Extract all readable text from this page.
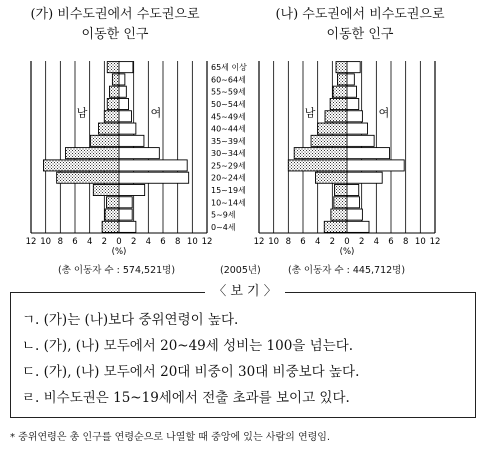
(가) 비수도권에서 수도권으로
이동한 인구
(나) 수도권에서 비수도권으로
이동한 인구
12 10 8 6 4 2 0 2 4 6 8 10 12
(%)
남	여
0~4세
5~9세
10~14세
15~19세
20~24세
25~29세
30~34세
35~39세
40~44세
45~49세
50~54세
55~59세
60~64세
65세 이상
12 10 8 6 4 2 0 2 4 6 8 10 12
(%)
남	여
(총 이동자 수 : 574,521명)	(2005년)	(총 이동자 수 : 445,712명)
〈 보 기 〉
ㄱ. (가)는 (나)보다 중위연령이 높다.
ㄴ. (가), (나) 모두에서 20~49세 성비는 100을 넘는다.
ㄷ. (가), (나) 모두에서 20대 비중이 30대 비중보다 높다.
ㄹ. 비수도권은 15~19세에서 전출 초과를 보이고 있다.
* 중위연령은 총 인구를 연령순으로 나열할 때 중앙에 있는 사람의 연령임.
